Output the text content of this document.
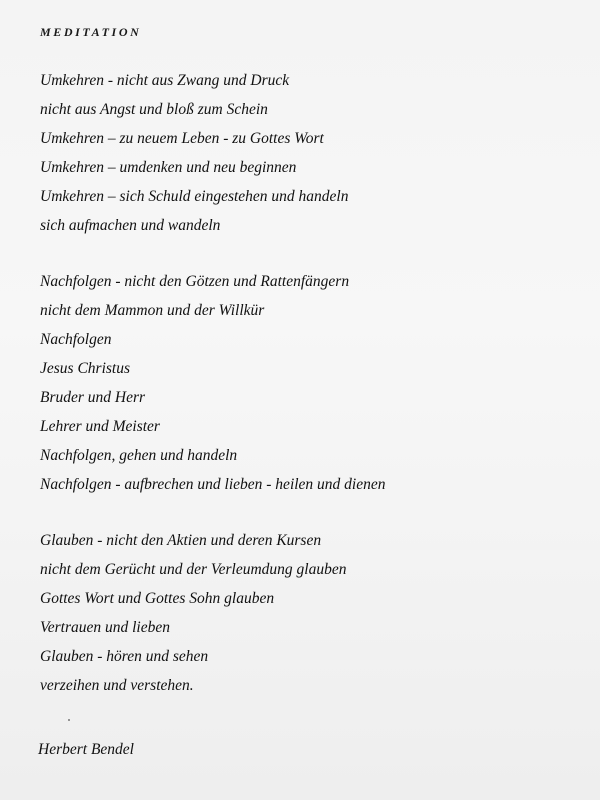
MEDITATION
Umkehren - nicht aus Zwang und Druck
nicht aus Angst und bloß zum Schein
Umkehren – zu neuem Leben - zu Gottes Wort
Umkehren – umdenken und neu beginnen
Umkehren – sich Schuld eingestehen und handeln
sich aufmachen und wandeln
Nachfolgen - nicht den Götzen und Rattenfängern
nicht dem Mammon und der Willkür
Nachfolgen
Jesus Christus
Bruder und Herr
Lehrer und Meister
Nachfolgen, gehen und handeln
Nachfolgen - aufbrechen und lieben - heilen und dienen
Glauben - nicht den Aktien und deren Kursen
nicht dem Gerücht und der Verleumdung glauben
Gottes Wort und Gottes Sohn glauben
Vertrauen und lieben
Glauben - hören und sehen
verzeihen und verstehen.
Herbert Bendel
